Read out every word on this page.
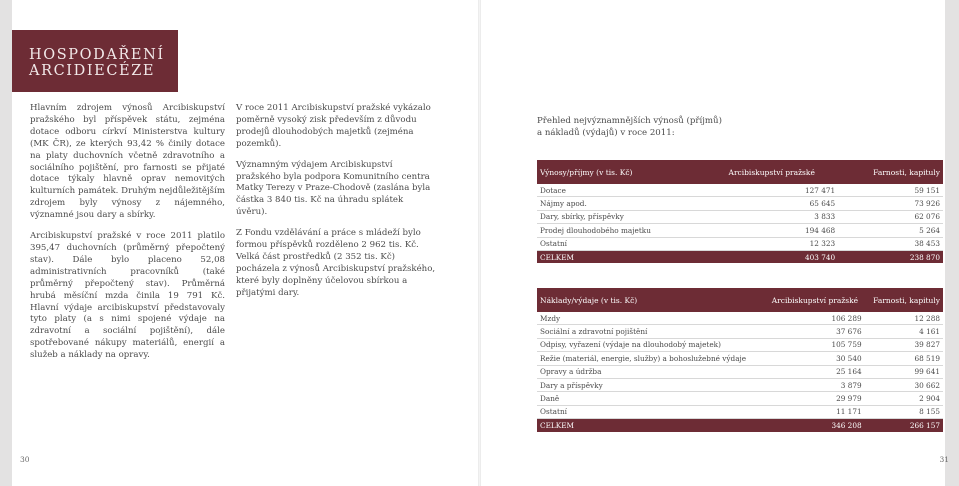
HOSPODAŘENÍ
ARCIDIECÉZE

Hlavním zdrojem výnosů Arcibiskupství pražského byl příspěvek státu, zejména dotace odboru církví Ministerstva kultury (MK ČR), ze kterých 93,42 % činily dotace na platy duchovních včetně zdravotního a sociálního pojištění, pro farnosti se přijaté dotace týkaly hlavně oprav nemovitých kulturních památek. Druhým nejdůležitějším zdrojem byly výnosy z nájemného, významné jsou dary a sbírky.

Arcibiskupství pražské v roce 2011 platilo 395,47 duchovních (průměrný přepočtený stav). Dále bylo placeno 52,08 administrativních pracovníků (také průměrný přepočtený stav). Průměrná hrubá měsíční mzda činila 19 791 Kč. Hlavní výdaje arcibiskupství představovaly tyto platy (a s nimi spojené výdaje na zdravotní a sociální pojištění), dále spotřebované nákupy materiálů, energií a služeb a náklady na opravy.

V roce 2011 Arcibiskupství pražské vykázalo poměrně vysoký zisk především z důvodu prodejů dlouhodobých majetků (zejména pozemků).

Významným výdajem Arcibiskupství pražského byla podpora Komunitního centra Matky Terezy v Praze-Chodově (zaslána byla částka 3 840 tis. Kč na úhradu splátek úvěru).

Z Fondu vzdělávání a práce s mládeží bylo formou příspěvků rozděleno 2 962 tis. Kč. Velká část prostředků (2 352 tis. Kč) pocházela z výnosů Arcibiskupství pražského, které byly doplněny účelovou sbírkou a přijatými dary.

Přehled nejvýznamnějších výnosů (příjmů)
a nákladů (výdajů) v roce 2011:
Výnosy/příjmy (v tis. Kč)	Arcibiskupství pražské	Farnosti, kapituly
Dotace	127 471	59 151
Nájmy apod.	65 645	73 926
Dary, sbírky, příspěvky	3 833	62 076
Prodej dlouhodobého majetku	194 468	5 264
Ostatní	12 323	38 453
CELKEM	403 740	238 870
Náklady/výdaje (v tis. Kč)	Arcibiskupství pražské	Farnosti, kapituly
Mzdy	106 289	12 288
Sociální a zdravotní pojištění	37 676	4 161
Odpisy, vyřazení (výdaje na dlouhodobý majetek)	105 759	39 827
Režie (materiál, energie, služby) a bohoslužebné výdaje	30 540	68 519
Opravy a údržba	25 164	99 641
Dary a příspěvky	3 879	30 662
Daně	29 979	2 904
Ostatní	11 171	8 155
CELKEM	346 208	266 157
30	31
